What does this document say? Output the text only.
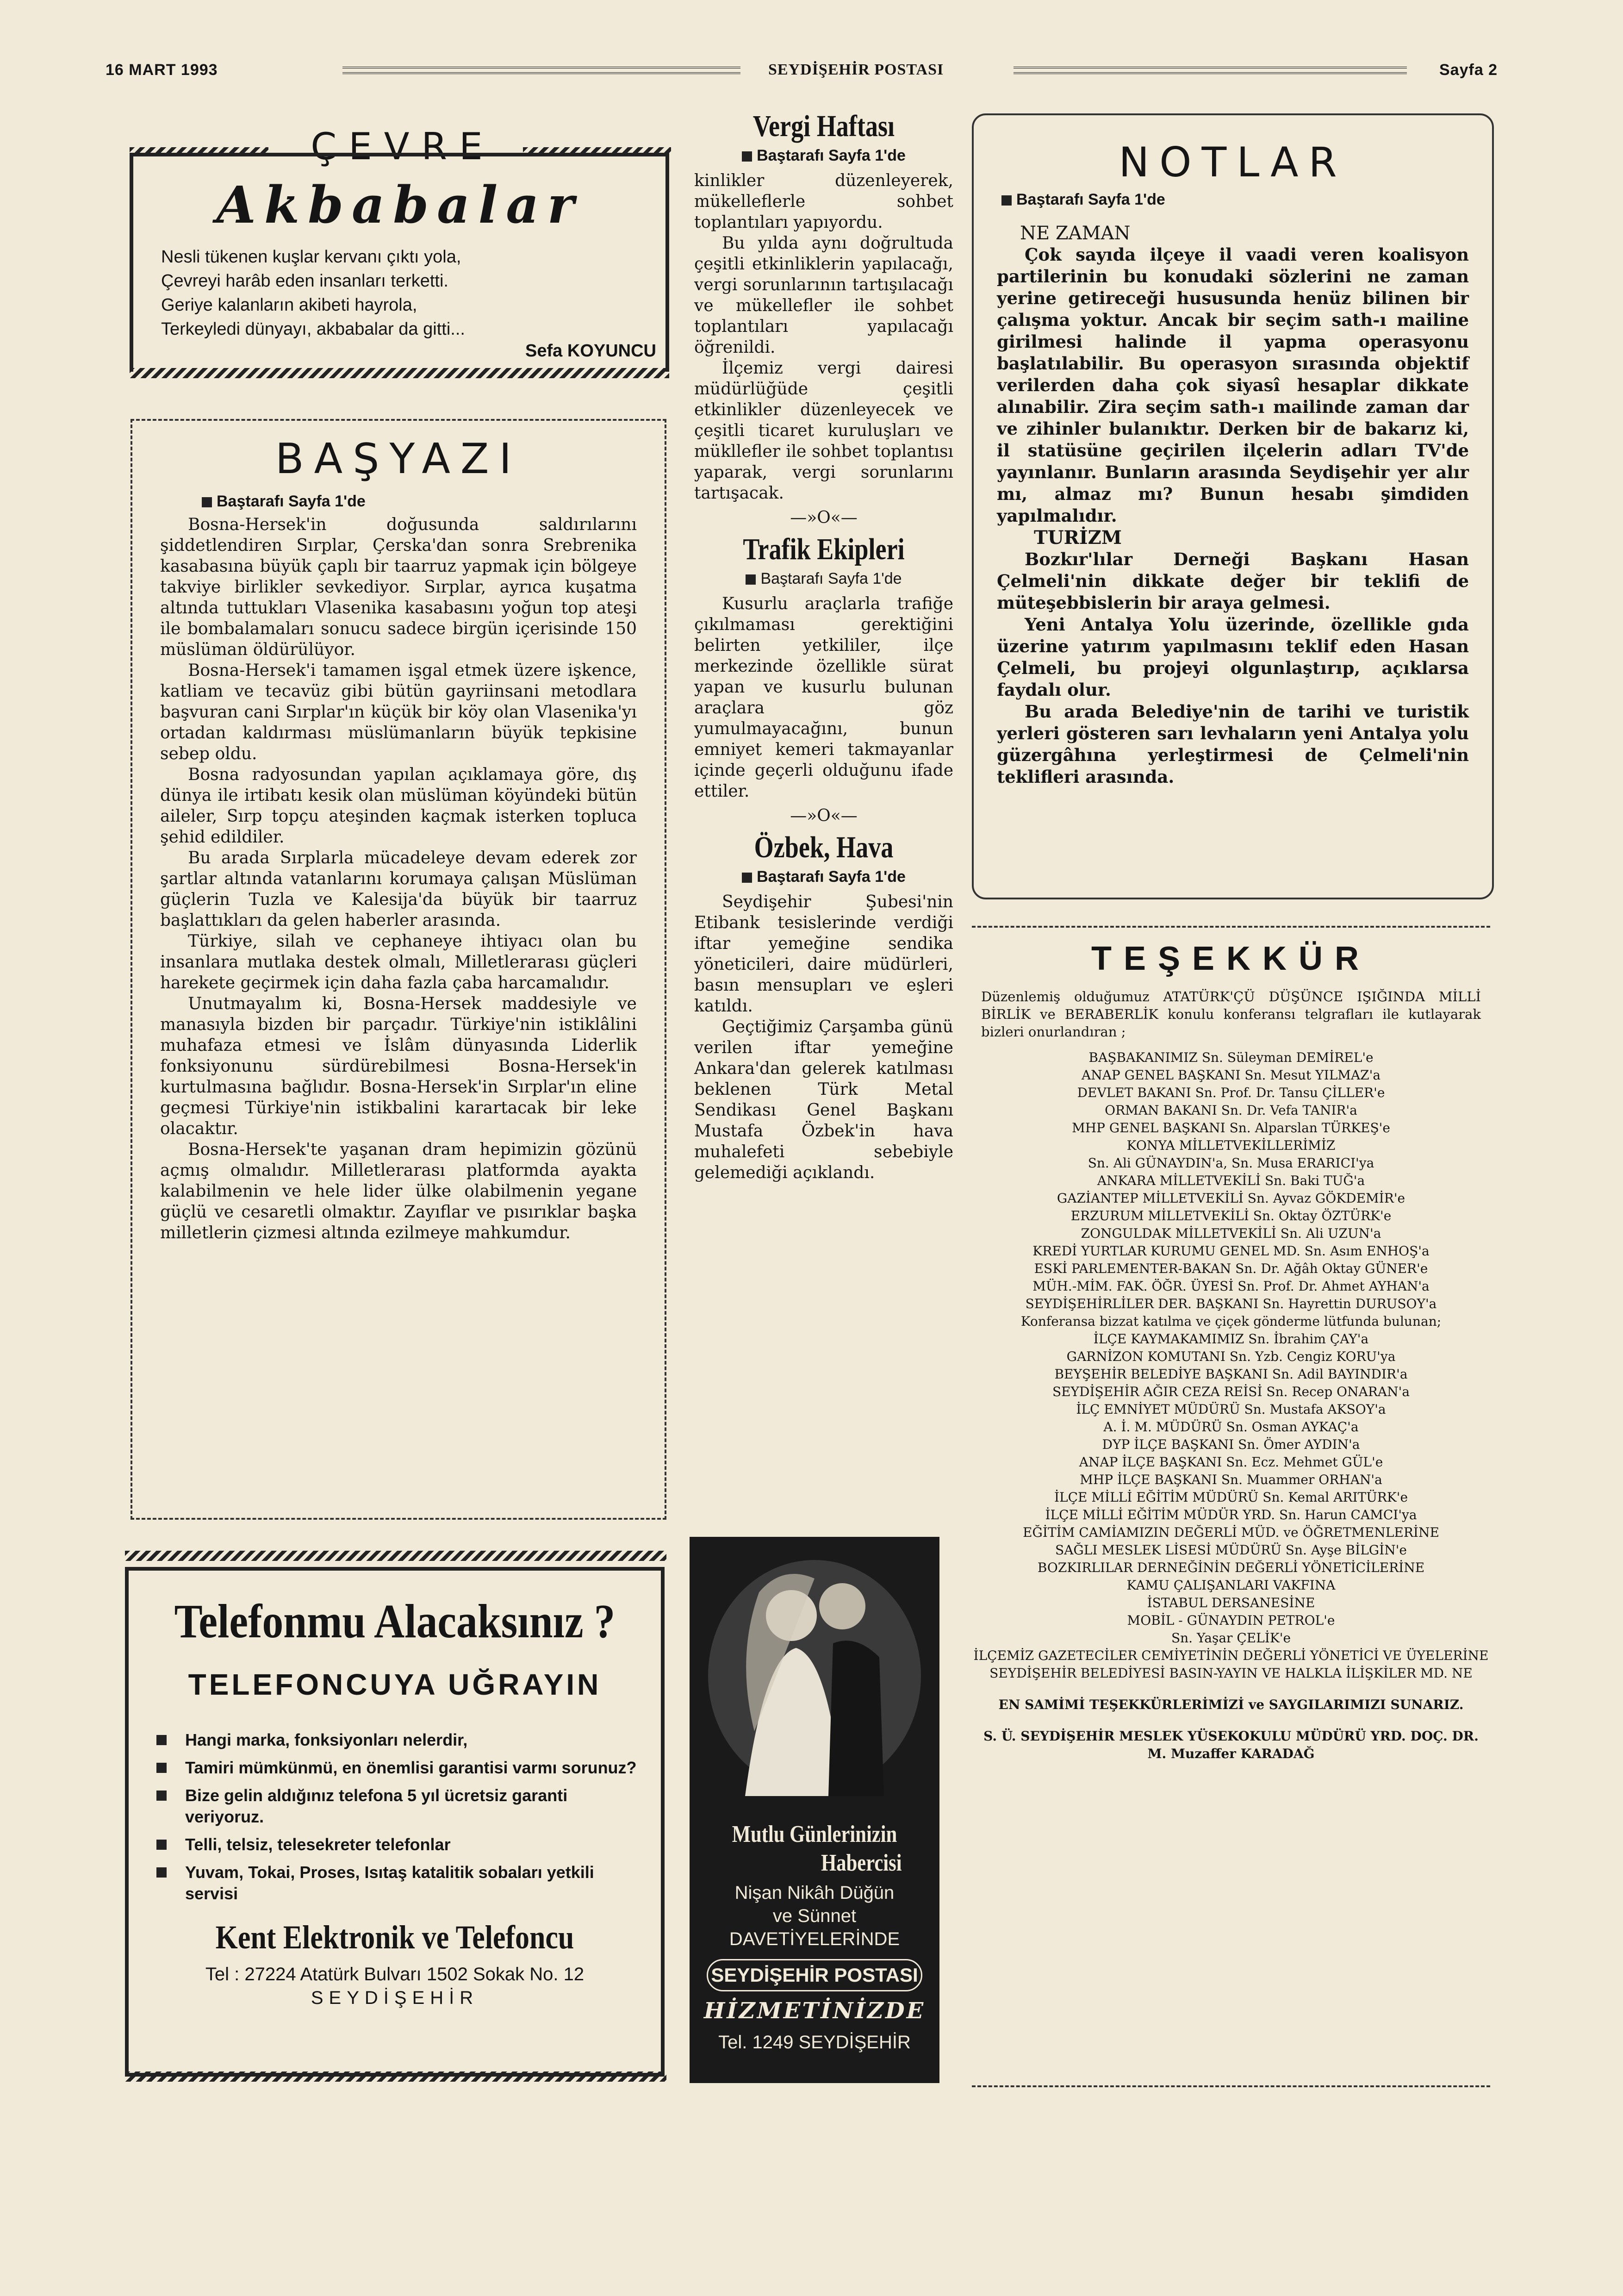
16 MART 1993	SEYDİŞEHİR POSTASI	Sayfa 2
ÇEVRE
Akbabalar
Nesli tükenen kuşlar kervanı çıktı yola,
Çevreyi harâb eden insanları terketti.
Geriye kalanların akibeti hayrola,
Terkeyledi dünyayı, akbabalar da gitti...
Sefa KOYUNCU
BAŞYAZI
Baştarafı Sayfa 1'de

Bosna-Hersek'in doğusunda saldırılarını şiddetlendiren Sırplar, Çerska'dan sonra Srebrenika kasabasına büyük çaplı bir taarruz yapmak için bölgeye takviye birlikler sevkediyor. Sırplar, ayrıca kuşatma altında tuttukları Vlasenika kasabasını yoğun top ateşi ile bombalamaları sonucu sadece birgün içerisinde 150 müslüman öldürülüyor.

Bosna-Hersek'i tamamen işgal etmek üzere işkence, katliam ve tecavüz gibi bütün gayriinsani metodlara başvuran cani Sırplar'ın küçük bir köy olan Vlasenika'yı ortadan kaldırması müslümanların büyük tepkisine sebep oldu.

Bosna radyosundan yapılan açıklamaya göre, dış dünya ile irtibatı kesik olan müslüman köyündeki bütün aileler, Sırp topçu ateşinden kaçmak isterken topluca şehid edildiler.

Bu arada Sırplarla mücadeleye devam ederek zor şartlar altında vatanlarını korumaya çalışan Müslüman güçlerin Tuzla ve Kalesija'da büyük bir taarruz başlattıkları da gelen haberler arasında.

Türkiye, silah ve cephaneye ihtiyacı olan bu insanlara mutlaka destek olmalı, Milletlerarası güçleri harekete geçirmek için daha fazla çaba harcamalıdır.

Unutmayalım ki, Bosna-Hersek maddesiyle ve manasıyla bizden bir parçadır. Türkiye'nin istiklâlini muhafaza etmesi ve İslâm dünyasında Liderlik fonksiyonunu sürdürebilmesi Bosna-Hersek'in kurtulmasına bağlıdır. Bosna-Hersek'in Sırplar'ın eline geçmesi Türkiye'nin istikbalini karartacak bir leke olacaktır.

Bosna-Hersek'te yaşanan dram hepimizin gözünü açmış olmalıdır. Milletlerarası platformda ayakta kalabilmenin ve hele lider ülke olabilmenin yegane güçlü ve cesaretli olmaktır. Zayıflar ve pısırıklar başka milletlerin çizmesi altında ezilmeye mahkumdur.

Telefonmu Alacaksınız ?
TELEFONCUYA UĞRAYIN
Hangi marka, fonksiyonları nelerdir,
Tamiri mümkünmü, en önemlisi garantisi varmı sorunuz?
Bize gelin aldığınız telefona 5 yıl ücretsiz garanti veriyoruz.
Telli, telsiz, telesekreter telefonlar
Yuvam, Tokai, Proses, Isıtaş katalitik sobaları yetkili servisi
Kent Elektronik ve Telefoncu
Tel : 27224 Atatürk Bulvarı 1502 Sokak No. 12
SEYDİŞEHİR
Vergi Haftası
Baştarafı Sayfa 1'de

kinlikler düzenleyerek, mükelleflerle sohbet toplantıları yapıyordu.

Bu yılda aynı doğrultuda çeşitli etkinliklerin yapılacağı, vergi sorunlarının tartışılacağı ve mükellefler ile sohbet toplantıları yapılacağı öğrenildi.

İlçemiz vergi dairesi müdürlüğüde çeşitli etkinlikler düzenleyecek ve çeşitli ticaret kuruluşları ve mükllefler ile sohbet toplantısı yaparak, vergi sorunlarını tartışacak.

—»O«—
Trafik Ekipleri
Baştarafı Sayfa 1'de

Kusurlu araçlarla trafiğe çıkılmaması gerektiğini belirten yetkililer, ilçe merkezinde özellikle sürat yapan ve kusurlu bulunan araçlara göz yumulmayacağını, bunun emniyet kemeri takmayanlar içinde geçerli olduğunu ifade ettiler.

—»O«—
Özbek, Hava
Baştarafı Sayfa 1'de

Seydişehir Şubesi'nin Etibank tesislerinde verdiği iftar yemeğine sendika yöneticileri, daire müdürleri, basın mensupları ve eşleri katıldı.

Geçtiğimiz Çarşamba günü verilen iftar yemeğine Ankara'dan gelerek katılması beklenen Türk Metal Sendikası Genel Başkanı Mustafa Özbek'in hava muhalefeti sebebiyle gelemediği açıklandı.

Mutlu Günlerinizin
Habercisi
Nişan Nikâh Düğün
ve Sünnet DAVETİYELERİNDE
SEYDİŞEHİR POSTASI
HİZMETİNİZDE
Tel. 1249 SEYDİŞEHİR
NOTLAR
Baştarafı Sayfa 1'de
NE ZAMAN

Çok sayıda ilçeye il vaadi veren koalisyon partilerinin bu konudaki sözlerini ne zaman yerine getireceği hususunda henüz bilinen bir çalışma yoktur. Ancak bir seçim sath-ı mailine girilmesi halinde il yapma operasyonu başlatılabilir. Bu operasyon sırasında objektif verilerden daha çok siyasî hesaplar dikkate alınabilir. Zira seçim sath-ı mailinde zaman dar ve zihinler bulanıktır. Derken bir de bakarız ki, il statüsüne geçirilen ilçelerin adları TV'de yayınlanır. Bunların arasında Seydişehir yer alır mı, almaz mı? Bunun hesabı şimdiden yapılmalıdır.

TURİZM

Bozkır'lılar Derneği Başkanı Hasan Çelmeli'nin dikkate değer bir teklifi de müteşebbislerin bir araya gelmesi.

Yeni Antalya Yolu üzerinde, özellikle gıda üzerine yatırım yapılmasını teklif eden Hasan Çelmeli, bu projeyi olgunlaştırıp, açıklarsa faydalı olur.

Bu arada Belediye'nin de tarihi ve turistik yerleri gösteren sarı levhaların yeni Antalya yolu güzergâhına yerleştirmesi de Çelmeli'nin teklifleri arasında.

TEŞEKKÜR
Düzenlemiş olduğumuz ATATÜRK'ÇÜ DÜŞÜNCE IŞIĞINDA MİLLİ BİRLİK ve BERABERLİK konulu konferansı telgrafları ile kutlayarak bizleri onurlandıran ;

BAŞBAKANIMIZ Sn. Süleyman DEMİREL'e

ANAP GENEL BAŞKANI Sn. Mesut YILMAZ'a

DEVLET BAKANI Sn. Prof. Dr. Tansu ÇİLLER'e

ORMAN BAKANI Sn. Dr. Vefa TANIR'a

MHP GENEL BAŞKANI Sn. Alparslan TÜRKEŞ'e

KONYA MİLLETVEKİLLERİMİZ

Sn. Ali GÜNAYDIN'a, Sn. Musa ERARICI'ya

ANKARA MİLLETVEKİLİ Sn. Baki TUĞ'a

GAZİANTEP MİLLETVEKİLİ Sn. Ayvaz GÖKDEMİR'e

ERZURUM MİLLETVEKİLİ Sn. Oktay ÖZTÜRK'e

ZONGULDAK MİLLETVEKİLİ Sn. Ali UZUN'a

KREDİ YURTLAR KURUMU GENEL MD. Sn. Asım ENHOŞ'a

ESKİ PARLEMENTER-BAKAN Sn. Dr. Ağâh Oktay GÜNER'e

MÜH.-MİM. FAK. ÖĞR. ÜYESİ Sn. Prof. Dr. Ahmet AYHAN'a

SEYDİŞEHİRLİLER DER. BAŞKANI Sn. Hayrettin DURUSOY'a

Konferansa bizzat katılma ve çiçek gönderme lütfunda bulunan;

İLÇE KAYMAKAMIMIZ Sn. İbrahim ÇAY'a

GARNİZON KOMUTANI Sn. Yzb. Cengiz KORU'ya

BEYŞEHİR BELEDİYE BAŞKANI Sn. Adil BAYINDIR'a

SEYDİŞEHİR AĞIR CEZA REİSİ Sn. Recep ONARAN'a

İLÇ EMNİYET MÜDÜRÜ Sn. Mustafa AKSOY'a

A. İ. M. MÜDÜRÜ Sn. Osman AYKAÇ'a

DYP İLÇE BAŞKANI Sn. Ömer AYDIN'a

ANAP İLÇE BAŞKANI Sn. Ecz. Mehmet GÜL'e

MHP İLÇE BAŞKANI Sn. Muammer ORHAN'a

İLÇE MİLLİ EĞİTİM MÜDÜRÜ Sn. Kemal ARITÜRK'e

İLÇE MİLLİ EĞİTİM MÜDÜR YRD. Sn. Harun CAMCI'ya

EĞİTİM CAMİAMIZIN DEĞERLİ MÜD. ve ÖĞRETMENLERİNE

SAĞLI MESLEK LİSESİ MÜDÜRÜ Sn. Ayşe BİLGİN'e

BOZKIRLILAR DERNEĞİNİN DEĞERLİ YÖNETİCİLERİNE

KAMU ÇALIŞANLARI VAKFINA

İSTABUL DERSANESİNE

MOBİL - GÜNAYDIN PETROL'e

Sn. Yaşar ÇELİK'e

İLÇEMİZ GAZETECİLER CEMİYETİNİN DEĞERLİ YÖNETİCİ VE ÜYELERİNE

SEYDİŞEHİR BELEDİYESİ BASIN-YAYIN VE HALKLA İLİŞKİLER MD. NE

EN SAMİMİ TEŞEKKÜRLERİMİZİ ve SAYGILARIMIZI SUNARIZ.

S. Ü. SEYDİŞEHİR MESLEK YÜSEKOKULU MÜDÜRÜ YRD. DOÇ. DR. M. Muzaffer KARADAĞ
